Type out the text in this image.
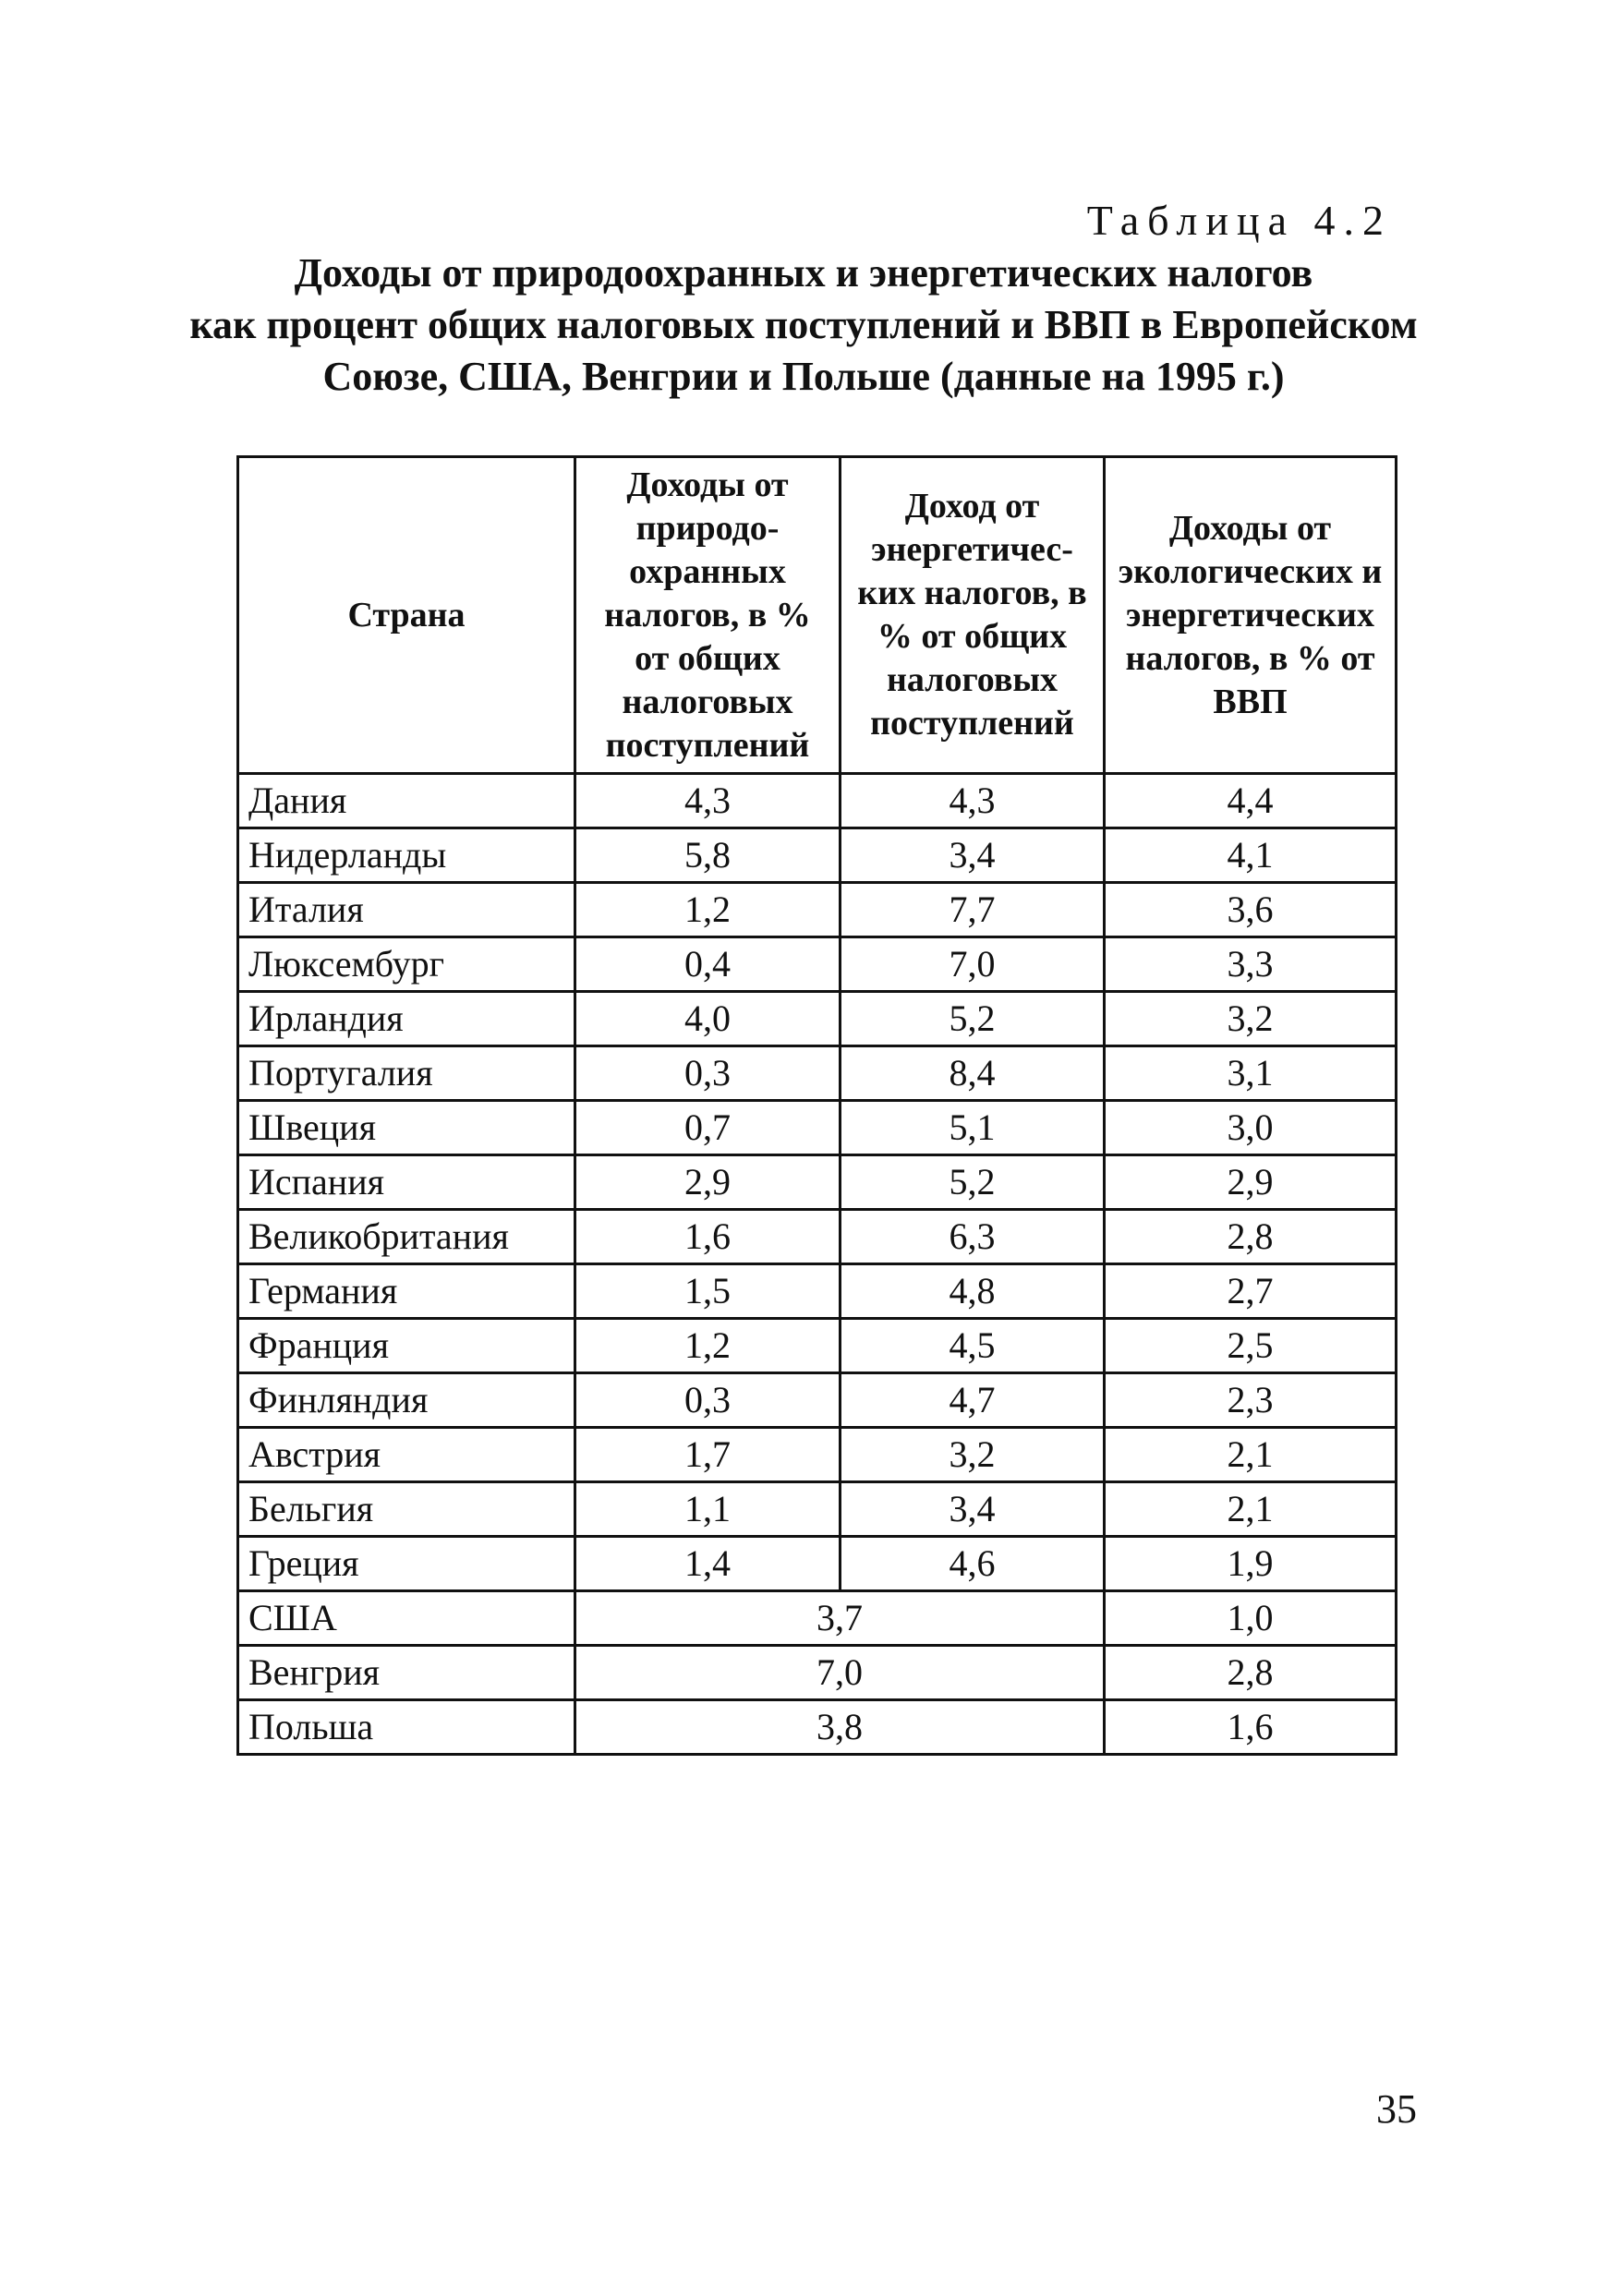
Таблица 4.2
Доходы от природоохранных и энергетических налогов
как процент общих налоговых поступлений и ВВП в Европейском
Союзе, США, Венгрии и Польше (данные на 1995 г.)
Страна	Доходы от природо-охранных налогов, в % от общих налоговых поступлений	Доход от энергетичес-ких налогов, в % от общих налоговых поступлений	Доходы от экологических и энергетических налогов, в % от ВВП
Дания	4,3	4,3	4,4
Нидерланды	5,8	3,4	4,1
Италия	1,2	7,7	3,6
Люксембург	0,4	7,0	3,3
Ирландия	4,0	5,2	3,2
Португалия	0,3	8,4	3,1
Швеция	0,7	5,1	3,0
Испания	2,9	5,2	2,9
Великобритания	1,6	6,3	2,8
Германия	1,5	4,8	2,7
Франция	1,2	4,5	2,5
Финляндия	0,3	4,7	2,3
Австрия	1,7	3,2	2,1
Бельгия	1,1	3,4	2,1
Греция	1,4	4,6	1,9
США	3,7		1,0
Венгрия	7,0		2,8
Польша	3,8		1,6
35
